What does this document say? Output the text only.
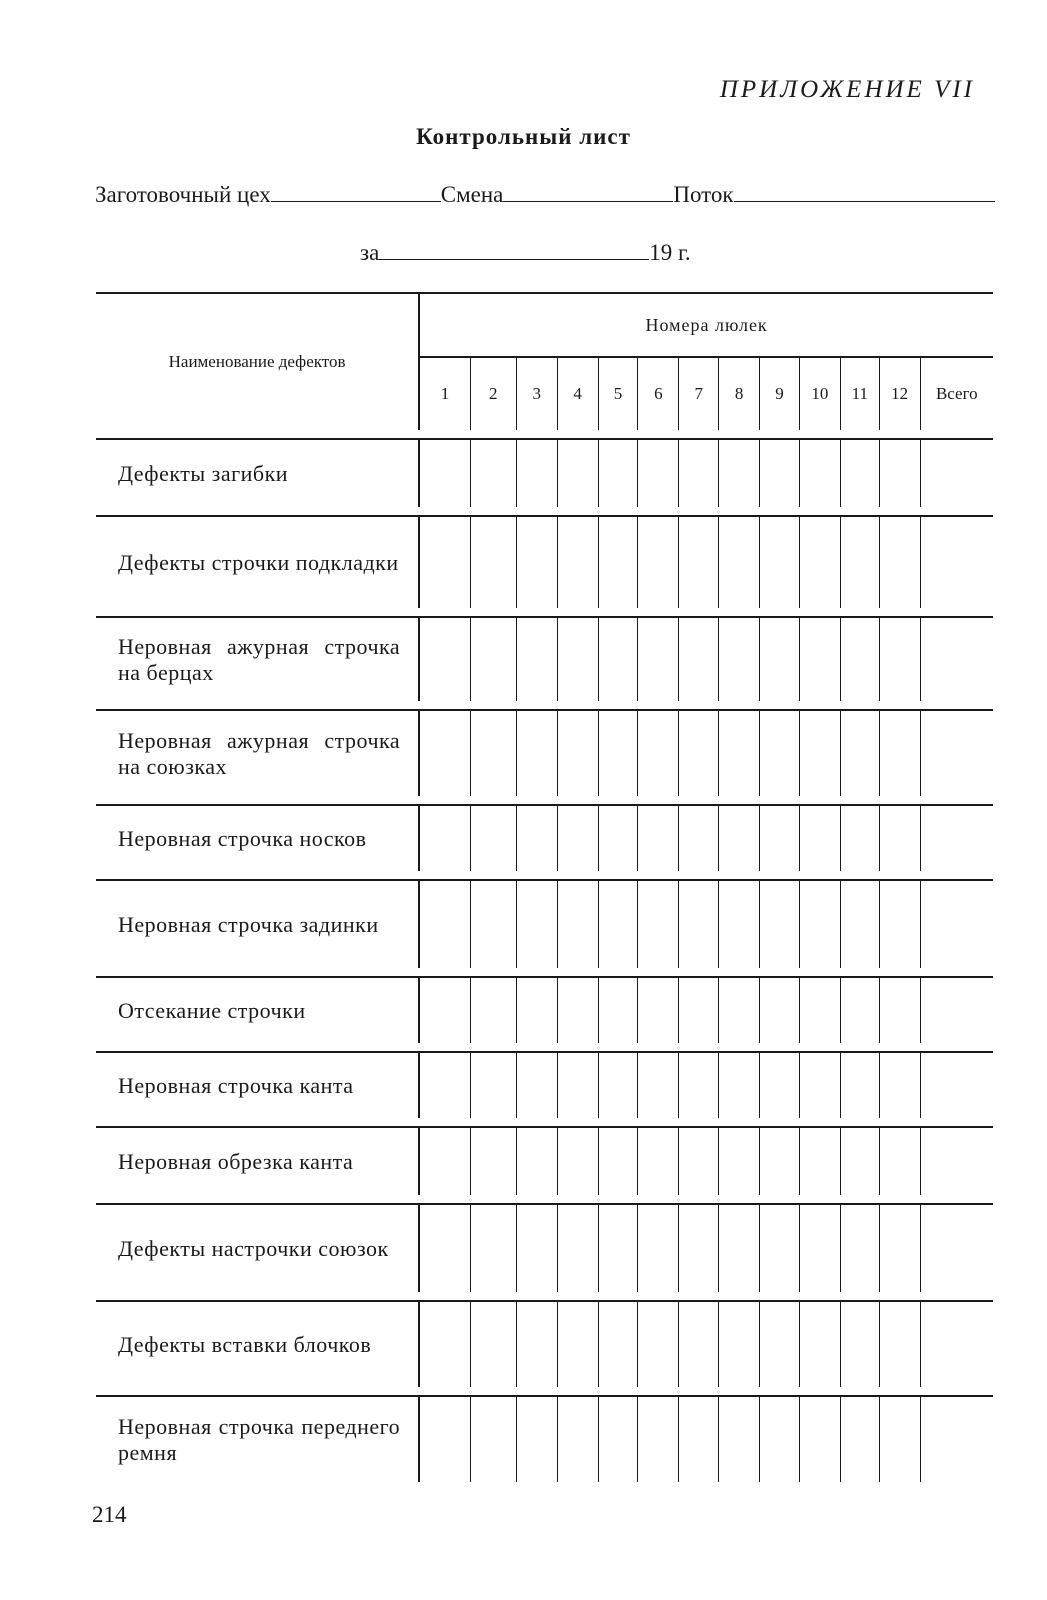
ПРИЛОЖЕНИЕ VII
Контрольный лист
Заготовочный цех	Смена	Поток
за	19 г.
Наименование дефектов	Номера люлек												
	1	2	3	4	5	6	7	8	9	10	11	12	Всего

Дефекты загибки													

Дефекты строчки подкладки													

Неровная ажурная строчка на берцах													

Неровная ажурная строчка на союзках													

Неровная строчка носков													

Неровная строчка задинки													

Отсекание строчки													

Неровная строчка канта													

Неровная обрезка канта													

Дефекты настрочки союзок													

Дефекты вставки блочков													

Неровная строчка переднего ремня													
214
